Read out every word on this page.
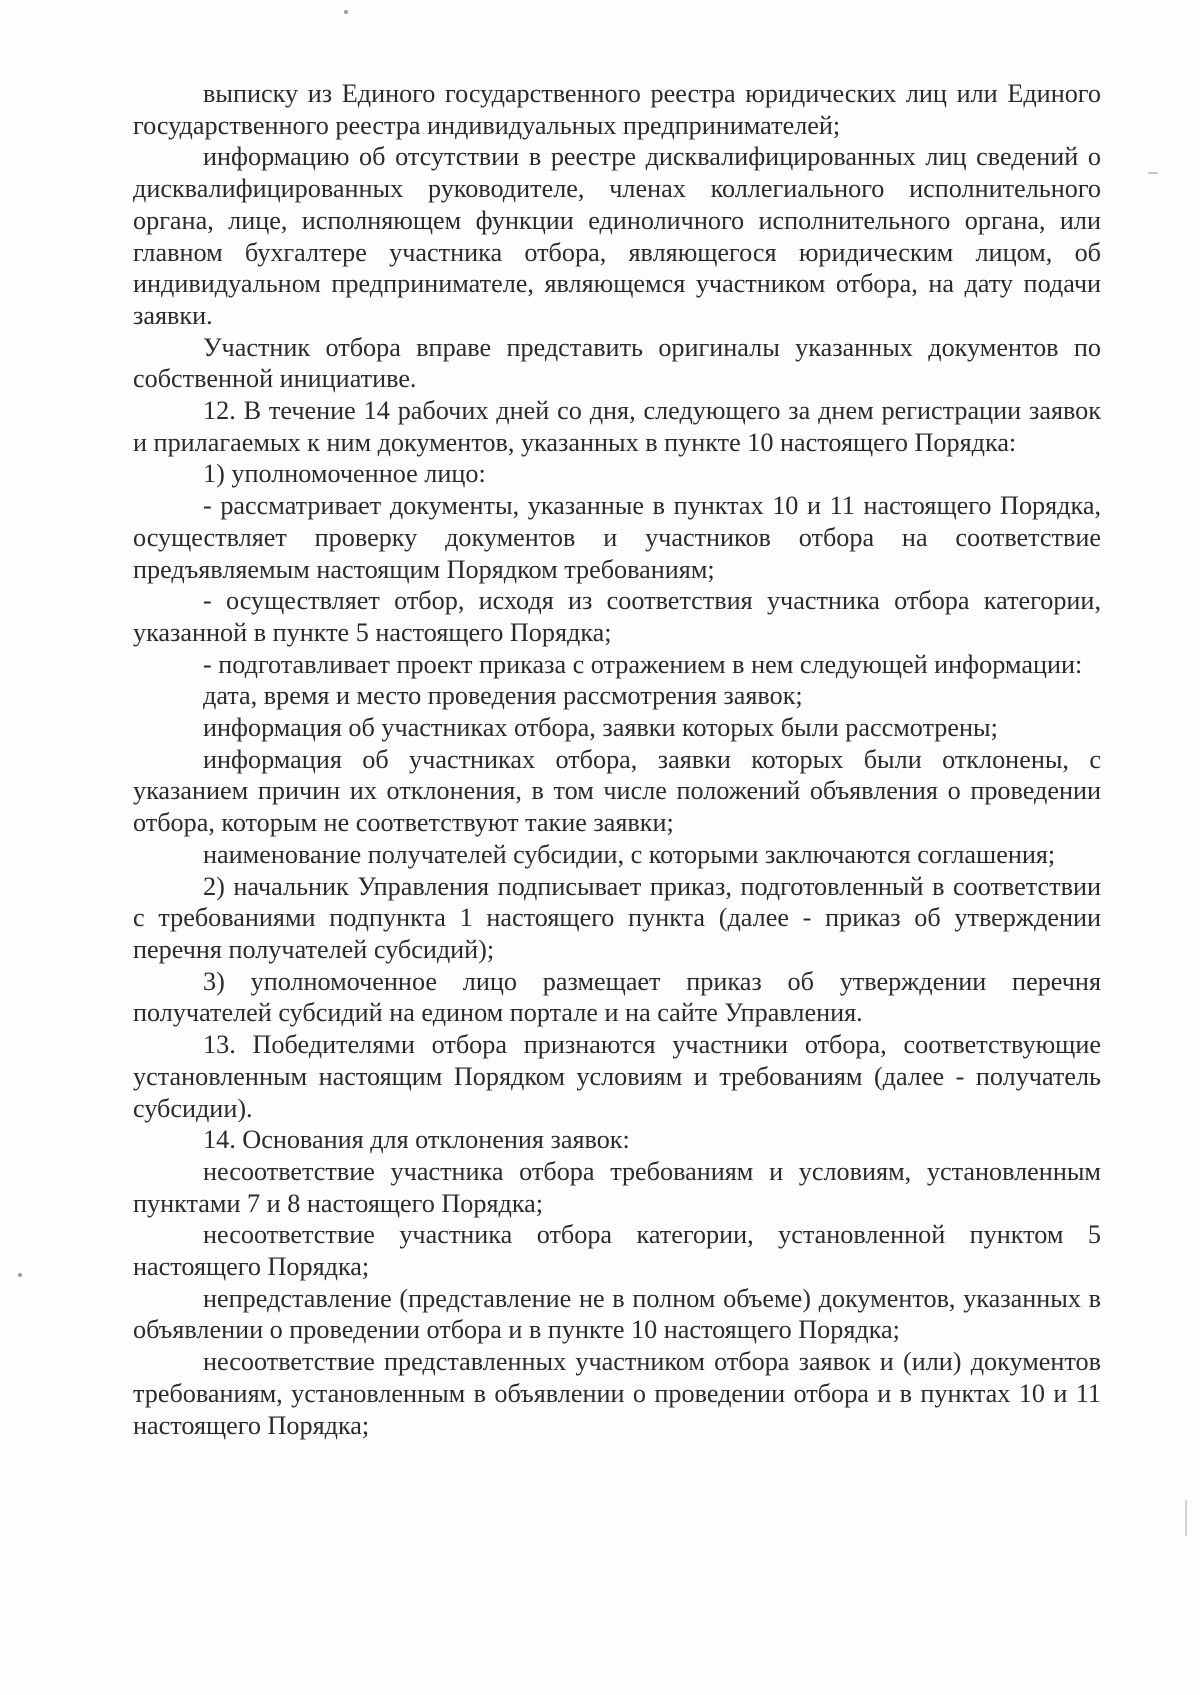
выписку из Единого государственного реестра юридических лиц или Единого государственного реестра индивидуальных предпринимателей;

информацию об отсутствии в реестре дисквалифицированных лиц сведений о дисквалифицированных руководителе, членах коллегиального исполнительного органа, лице, исполняющем функции единоличного исполнительного органа, или главном бухгалтере участника отбора, являющегося юридическим лицом, об индивидуальном предпринимателе, являющемся участником отбора, на дату подачи заявки.

Участник отбора вправе представить оригиналы указанных документов по собственной инициативе.

12. В течение 14 рабочих дней со дня, следующего за днем регистрации заявок и прилагаемых к ним документов, указанных в пункте 10 настоящего Порядка:

1) уполномоченное лицо:

- рассматривает документы, указанные в пунктах 10 и 11 настоящего Порядка, осуществляет проверку документов и участников отбора на соответствие предъявляемым настоящим Порядком требованиям;

- осуществляет отбор, исходя из соответствия участника отбора категории, указанной в пункте 5 настоящего Порядка;

- подготавливает проект приказа с отражением в нем следующей информации:

дата, время и место проведения рассмотрения заявок;

информация об участниках отбора, заявки которых были рассмотрены;

информация об участниках отбора, заявки которых были отклонены, с указанием причин их отклонения, в том числе положений объявления о проведении отбора, которым не соответствуют такие заявки;

наименование получателей субсидии, с которыми заключаются соглашения;

2) начальник Управления подписывает приказ, подготовленный в соответствии с требованиями подпункта 1 настоящего пункта (далее - приказ об утверждении перечня получателей субсидий);

3) уполномоченное лицо размещает приказ об утверждении перечня получателей субсидий на едином портале и на сайте Управления.

13. Победителями отбора признаются участники отбора, соответствующие установленным настоящим Порядком условиям и требованиям (далее - получатель субсидии).

14. Основания для отклонения заявок:

несоответствие участника отбора требованиям и условиям, установленным пунктами 7 и 8 настоящего Порядка;

несоответствие участника отбора категории, установленной пунктом 5 настоящего Порядка;

непредставление (представление не в полном объеме) документов, указанных в объявлении о проведении отбора и в пункте 10 настоящего Порядка;

несоответствие представленных участником отбора заявок и (или) документов требованиям, установленным в объявлении о проведении отбора и в пунктах 10 и 11 настоящего Порядка;
